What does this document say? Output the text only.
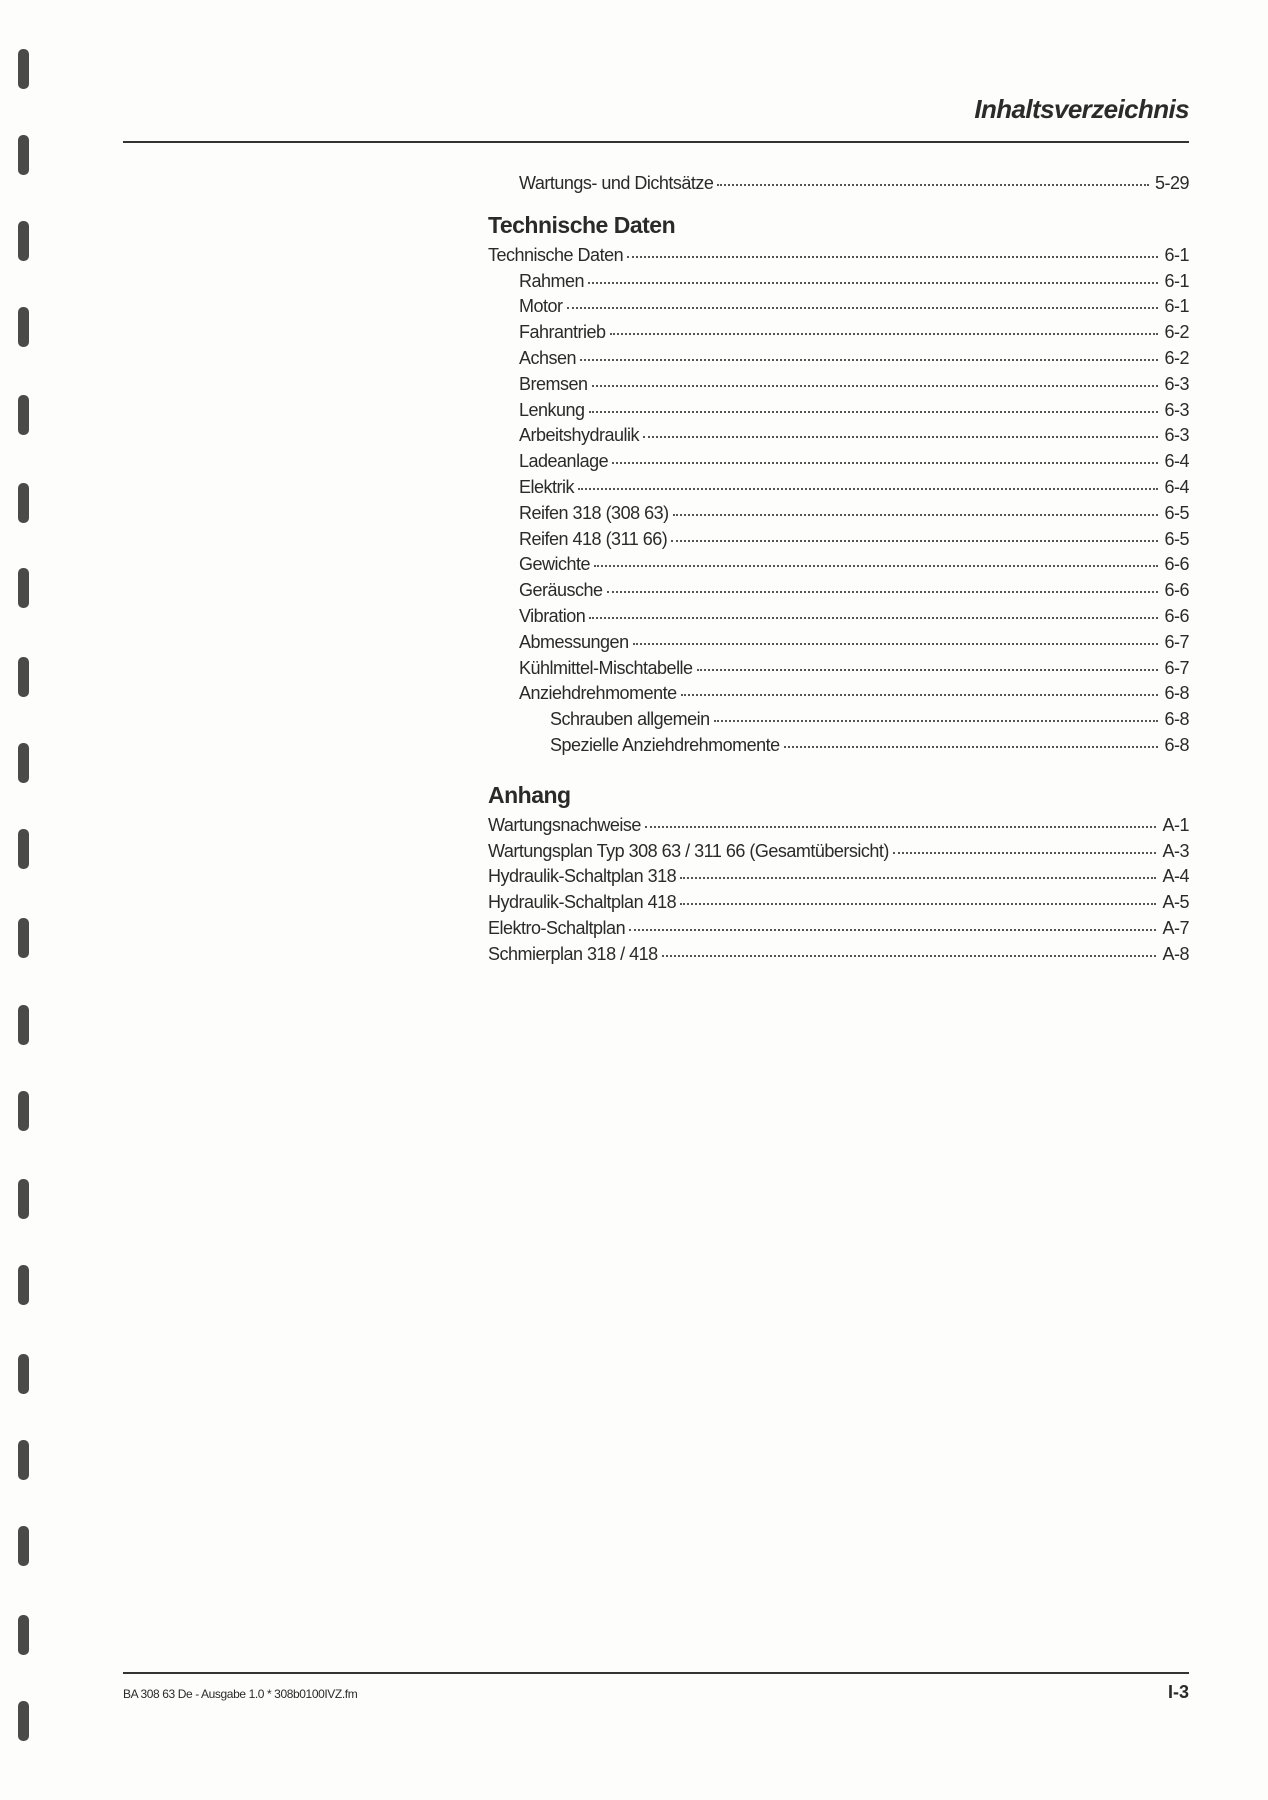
Inhaltsverzeichnis
Wartungs- und Dichtsätze	5-29
Technische Daten
Technische Daten	6-1
Rahmen	6-1
Motor	6-1
Fahrantrieb	6-2
Achsen	6-2
Bremsen	6-3
Lenkung	6-3
Arbeitshydraulik	6-3
Ladeanlage	6-4
Elektrik	6-4
Reifen 318 (308 63)	6-5
Reifen 418 (311 66)	6-5
Gewichte	6-6
Geräusche	6-6
Vibration	6-6
Abmessungen	6-7
Kühlmittel-Mischtabelle	6-7
Anziehdrehmomente	6-8
Schrauben allgemein	6-8
Spezielle Anziehdrehmomente	6-8
Anhang
Wartungsnachweise	A-1
Wartungsplan Typ 308 63 / 311 66 (Gesamtübersicht)	A-3
Hydraulik-Schaltplan 318	A-4
Hydraulik-Schaltplan 418	A-5
Elektro-Schaltplan	A-7
Schmierplan 318 / 418	A-8
BA 308 63 De - Ausgabe 1.0 * 308b0100IVZ.fm	I-3
